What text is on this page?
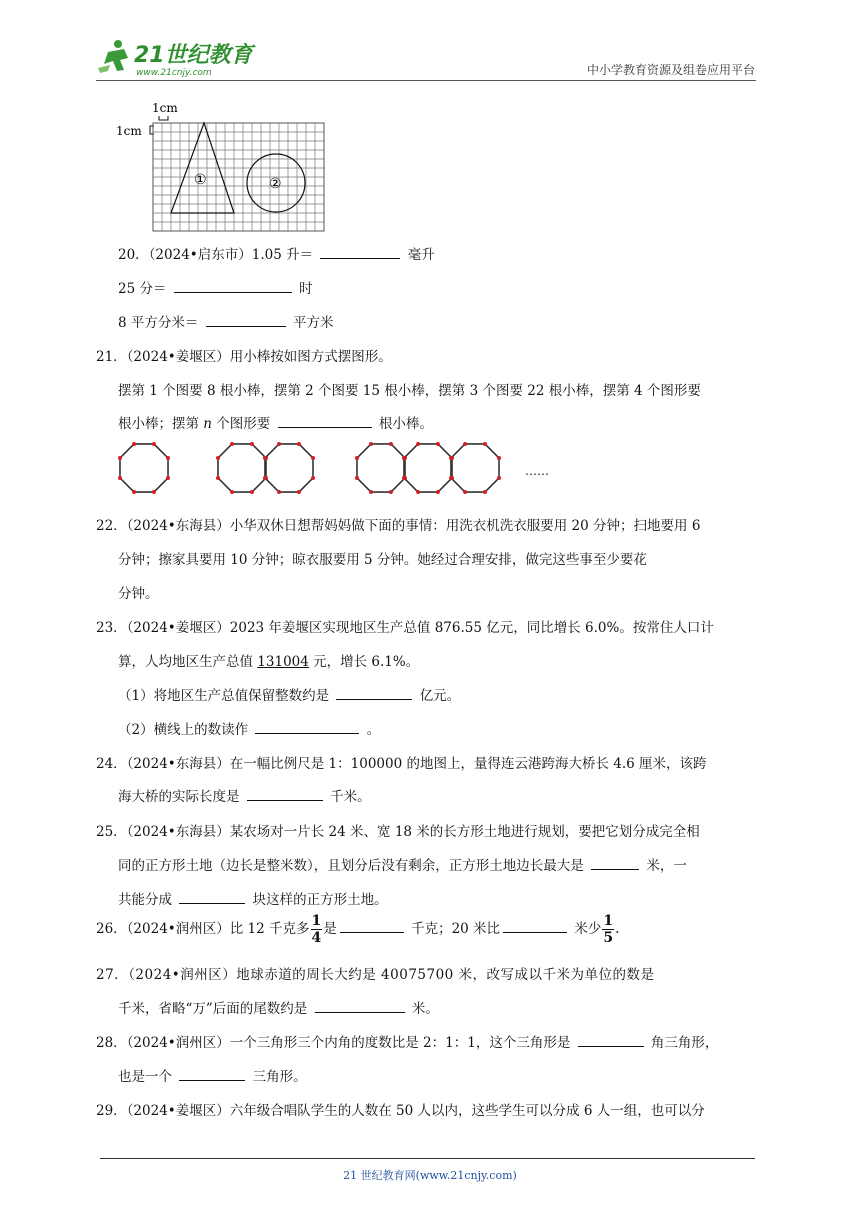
21世纪教育
www.21cnjy.com	中小学教育资源及组卷应用平台
1cm
1cm
①	②
20．（2024•启东市）1.05 升＝	毫升
25 分＝	时
8 平方分米＝	平方米
21．（2024•姜堰区）用小棒按如图方式摆图形。
摆第 1 个图要 8 根小棒，摆第 2 个图要 15 根小棒，摆第 3 个图要 22 根小棒，摆第 4 个图形要
根小棒；摆第 n 个图形要	根小棒。
……
22．（2024•东海县）小华双休日想帮妈妈做下面的事情：用洗衣机洗衣服要用 20 分钟；扫地要用 6
分钟；擦家具要用 10 分钟；晾衣服要用 5 分钟。她经过合理安排，做完这些事至少要花
分钟。
23．（2024•姜堰区）2023 年姜堰区实现地区生产总值 876.55 亿元，同比增长 6.0%。按常住人口计
算，人均地区生产总值 131004 元，增长 6.1%。
（1）将地区生产总值保留整数约是	亿元。
（2）横线上的数读作	。
24．（2024•东海县）在一幅比例尺是 1：100000 的地图上，量得连云港跨海大桥长 4.6 厘米，该跨
海大桥的实际长度是	千米。
25．（2024•东海县）某农场对一片长 24 米、宽 18 米的长方形土地进行规划，要把它划分成完全相
同的正方形土地（边长是整米数），且划分后没有剩余，正方形土地边长最大是	米，一
共能分成	块这样的正方形土地。
26．（2024•润州区）比 12 千克多 $\frac{1}{4}$ 是	千克；20 米比	米少 $\frac{1}{5}$ .
27．（2024•润州区）地球赤道的周长大约是 40075700 米，改写成以千米为单位的数是
千米，省略“万”后面的尾数约是	米。
28．（2024•润州区）一个三角形三个内角的度数比是 2：1：1，这个三角形是	角三角形，
也是一个	三角形。
29．（2024•姜堰区）六年级合唱队学生的人数在 50 人以内，这些学生可以分成 6 人一组，也可以分
21 世纪教育网(www.21cnjy.com)
